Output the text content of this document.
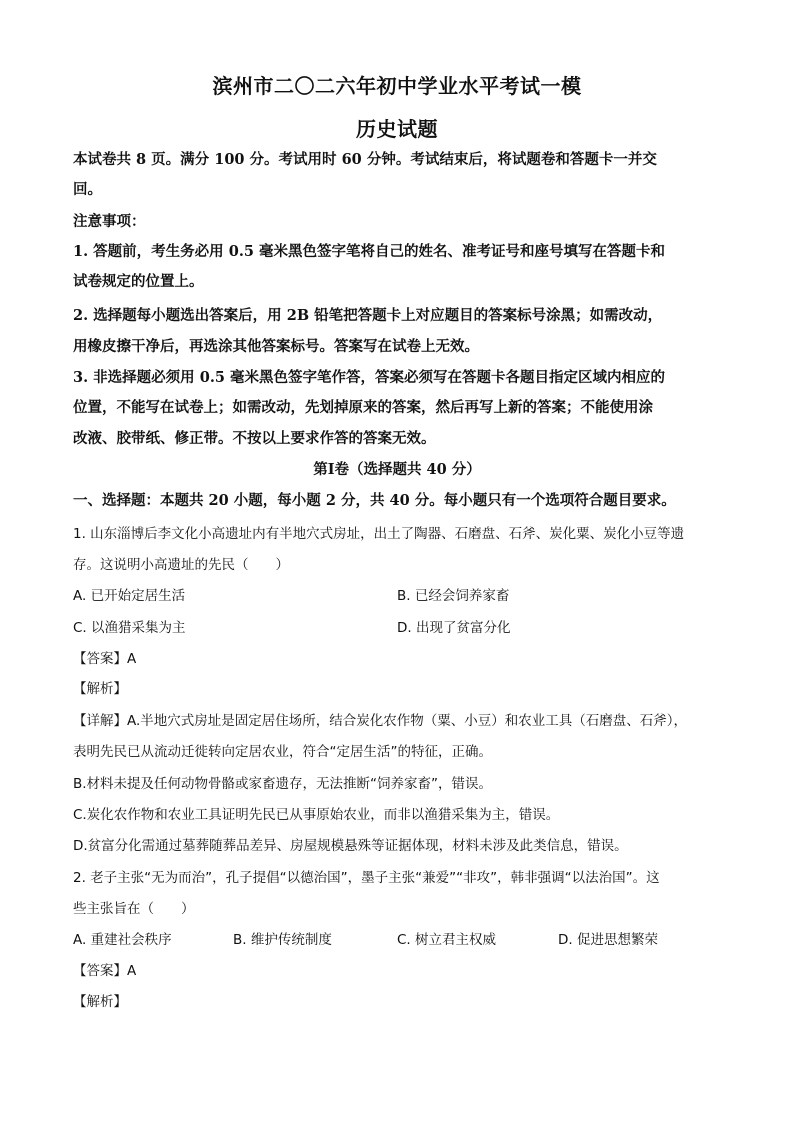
滨州市二〇二六年初中学业水平考试一模
历史试题
本试卷共 8 页。满分 100 分。考试用时 60 分钟。考试结束后，将试题卷和答题卡一并交
回。
注意事项：
1. 答题前，考生务必用 0.5 毫米黑色签字笔将自己的姓名、准考证号和座号填写在答题卡和
试卷规定的位置上。
2. 选择题每小题选出答案后，用 2B 铅笔把答题卡上对应题目的答案标号涂黑；如需改动，
用橡皮擦干净后，再选涂其他答案标号。答案写在试卷上无效。
3. 非选择题必须用 0.5 毫米黑色签字笔作答，答案必须写在答题卡各题目指定区域内相应的
位置，不能写在试卷上；如需改动，先划掉原来的答案，然后再写上新的答案；不能使用涂
改液、胶带纸、修正带。不按以上要求作答的答案无效。
第Ⅰ卷（选择题共 40 分）
一、选择题：本题共 20 小题，每小题 2 分，共 40 分。每小题只有一个选项符合题目要求。
1. 山东淄博后李文化小高遗址内有半地穴式房址，出土了陶器、石磨盘、石斧、炭化粟、炭化小豆等遗
存。这说明小高遗址的先民（　　）
A. 已开始定居生活	B. 已经会饲养家畜
C. 以渔猎采集为主	D. 出现了贫富分化
【答案】A
【解析】
【详解】A.半地穴式房址是固定居住场所，结合炭化农作物（粟、小豆）和农业工具（石磨盘、石斧），
表明先民已从流动迁徙转向定居农业，符合“定居生活”的特征，正确。
B.材料未提及任何动物骨骼或家畜遗存，无法推断“饲养家畜”，错误。
C.炭化农作物和农业工具证明先民已从事原始农业，而非以渔猎采集为主，错误。
D.贫富分化需通过墓葬随葬品差异、房屋规模悬殊等证据体现，材料未涉及此类信息，错误。
2. 老子主张“无为而治”，孔子提倡“以德治国”，墨子主张“兼爱”“非攻”，韩非强调“以法治国”。这
些主张旨在（　　）
A. 重建社会秩序	B. 维护传统制度	C. 树立君主权威	D. 促进思想繁荣
【答案】A
【解析】
